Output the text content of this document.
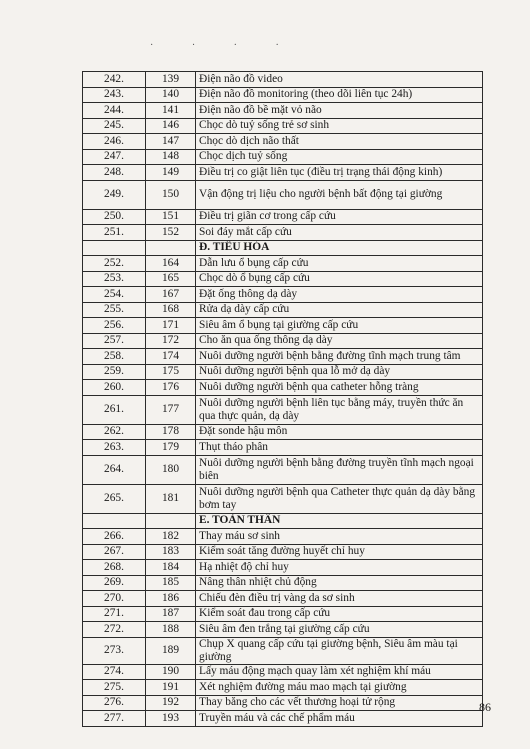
· · · ·
242.	139	Điện não đồ video
243.	140	Điện não đồ monitoring (theo dõi liên tục 24h)
244.	141	Điện não đồ bề mặt vỏ não
245.	146	Chọc dò tuỷ sống trẻ sơ sinh
246.	147	Chọc dò dịch não thất
247.	148	Chọc dịch tuỷ sống
248.	149	Điều trị co giật liên tục (điều trị trạng thái động kinh)
249.	150	Vận động trị liệu cho người bệnh bất động tại giường
250.	151	Điều trị giãn cơ trong cấp cứu
251.	152	Soi đáy mắt cấp cứu
		Đ. TIÊU HÓA
252.	164	Dẫn lưu ổ bụng cấp cứu
253.	165	Chọc dò ổ bụng cấp cứu
254.	167	Đặt ống thông dạ dày
255.	168	Rửa dạ dày cấp cứu
256.	171	Siêu âm ổ bụng tại giường cấp cứu
257.	172	Cho ăn qua ống thông dạ dày
258.	174	Nuôi dưỡng người bệnh bằng đường tĩnh mạch trung tâm
259.	175	Nuôi dưỡng người bệnh qua lỗ mở dạ dày
260.	176	Nuôi dưỡng người bệnh qua catheter hỗng tràng
261.	177	Nuôi dưỡng người bệnh liên tục bằng máy, truyền thức ăn qua thực quản, dạ dày
262.	178	Đặt sonde hậu môn
263.	179	Thụt tháo phân
264.	180	Nuôi dưỡng người bệnh bằng đường truyền tĩnh mạch ngoại biên
265.	181	Nuôi dưỡng người bệnh qua Catheter thực quản dạ dày bằng bơm tay
		E. TOÀN THÂN
266.	182	Thay máu sơ sinh
267.	183	Kiểm soát tăng đường huyết chỉ huy
268.	184	Hạ nhiệt độ chỉ huy
269.	185	Nâng thân nhiệt chủ động
270.	186	Chiếu đèn điều trị vàng da sơ sinh
271.	187	Kiểm soát đau trong cấp cứu
272.	188	Siêu âm đen trắng tại giường cấp cứu
273.	189	Chụp X quang cấp cứu tại giường bệnh, Siêu âm màu tại giường
274.	190	Lấy máu động mạch quay làm xét nghiệm khí máu
275.	191	Xét nghiệm đường máu mao mạch tại giường
276.	192	Thay băng cho các vết thương hoại tử rộng
277.	193	Truyền máu và các chế phẩm máu
86
